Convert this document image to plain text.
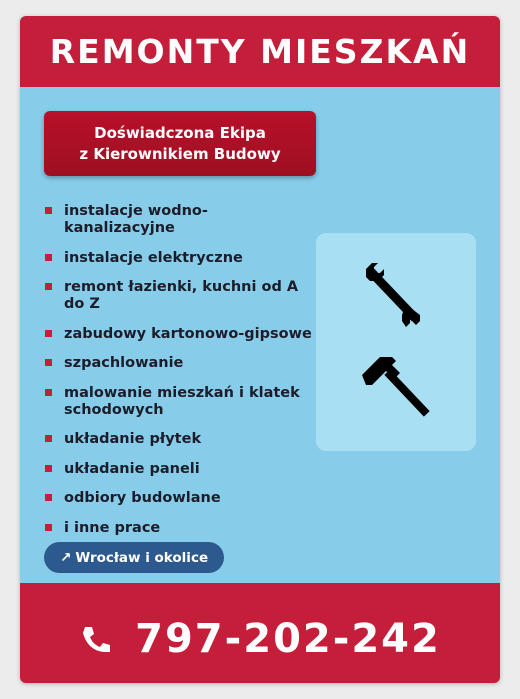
REMONTY MIESZKAŃ
Doświadczona Ekipa
z Kierownikiem Budowy
instalacje wodno-kanalizacyjne
instalacje elektryczne
remont łazienki, kuchni od A do Z
zabudowy kartonowo-gipsowe
szpachlowanie
malowanie mieszkań i klatek schodowych
układanie płytek
układanie paneli
odbiory budowlane
i inne prace
↗ Wrocław i okolice
797-202-242
